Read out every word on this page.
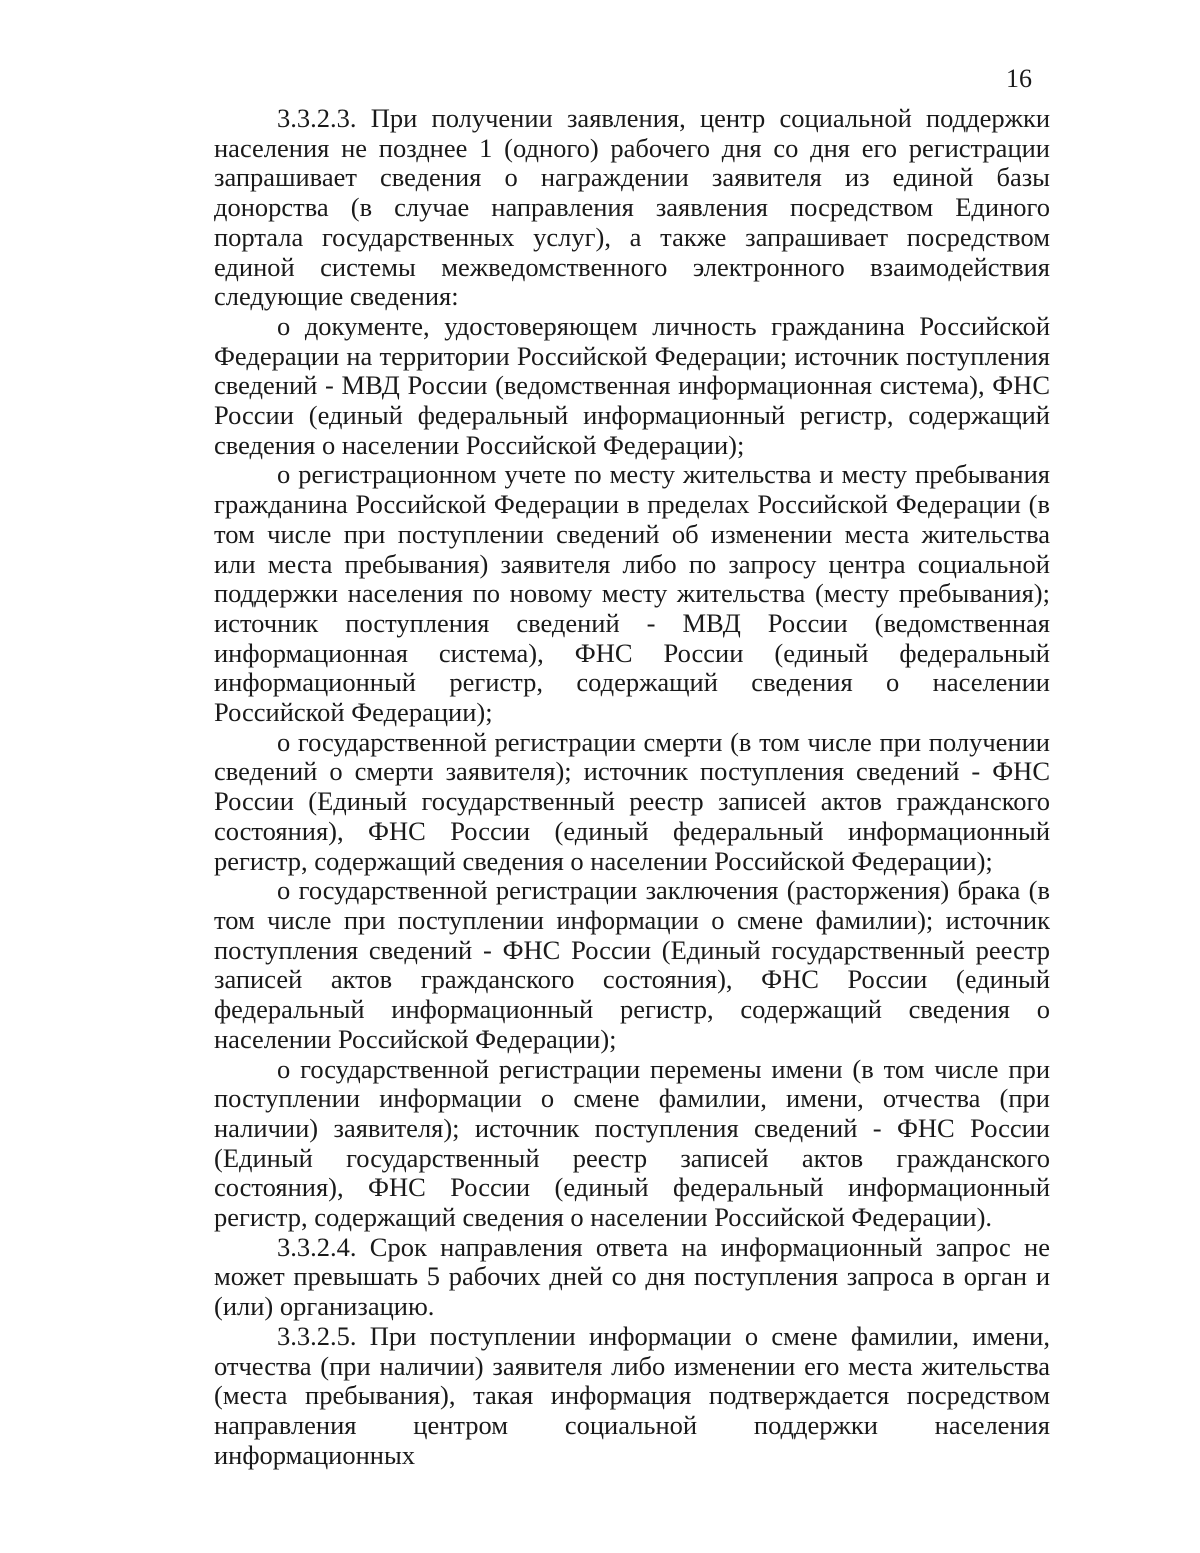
16

3.3.2.3. При получении заявления, центр социальной поддержки населения не позднее 1 (одного) рабочего дня со дня его регистрации запрашивает сведения о награждении заявителя из единой базы донорства (в случае направления заявления посредством Единого портала государственных услуг), а также запрашивает посредством единой системы межведомственного электронного взаимодействия следующие сведения:

о документе, удостоверяющем личность гражданина Российской Федерации на территории Российской Федерации; источник поступления сведений - МВД России (ведомственная информационная система), ФНС России (единый федеральный информационный регистр, содержащий сведения о населении Российской Федерации);

о регистрационном учете по месту жительства и месту пребывания гражданина Российской Федерации в пределах Российской Федерации (в том числе при поступлении сведений об изменении места жительства или места пребывания) заявителя либо по запросу центра социальной поддержки населения по новому месту жительства (месту пребывания); источник поступления сведений - МВД России (ведомственная информационная система), ФНС России (единый федеральный информационный регистр, содержащий сведения о населении Российской Федерации);

о государственной регистрации смерти (в том числе при получении сведений о смерти заявителя); источник поступления сведений - ФНС России (Единый государственный реестр записей актов гражданского состояния), ФНС России (единый федеральный информационный регистр, содержащий сведения о населении Российской Федерации);

о государственной регистрации заключения (расторжения) брака (в том числе при поступлении информации о смене фамилии); источник поступления сведений - ФНС России (Единый государственный реестр записей актов гражданского состояния), ФНС России (единый федеральный информационный регистр, содержащий сведения о населении Российской Федерации);

о государственной регистрации перемены имени (в том числе при поступлении информации о смене фамилии, имени, отчества (при наличии) заявителя); источник поступления сведений - ФНС России (Единый государственный реестр записей актов гражданского состояния), ФНС России (единый федеральный информационный регистр, содержащий сведения о населении Российской Федерации).

3.3.2.4. Срок направления ответа на информационный запрос не может превышать 5 рабочих дней со дня поступления запроса в орган и (или) организацию.

3.3.2.5. При поступлении информации о смене фамилии, имени, отчества (при наличии) заявителя либо изменении его места жительства (места пребывания), такая информация подтверждается посредством направления центром социальной поддержки населения информационных
